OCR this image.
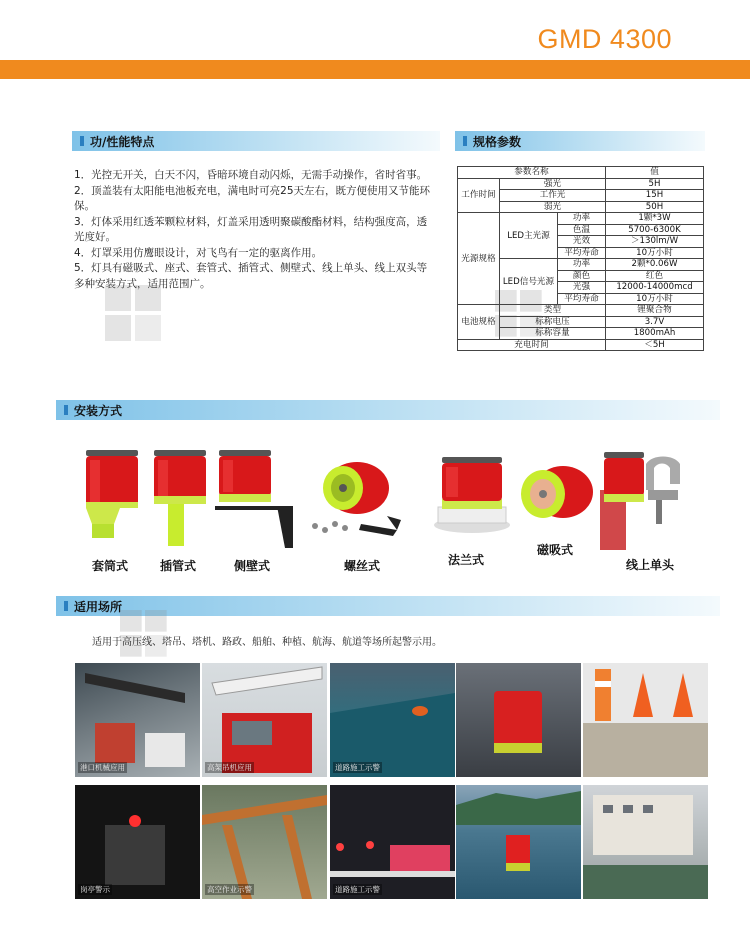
GMD 4300
功/性能特点
1．光控无开关，白天不闪，昏暗环境自动闪烁，无需手动操作，省时省事。
2．顶盖装有太阳能电池板充电，满电时可亮25天左右，既方便使用又节能环保。
3．灯体采用红透苯颗粒材料，灯盖采用透明聚碳酸酯材料，结构强度高，透光度好。
4．灯罩采用仿鹰眼设计，对飞鸟有一定的驱离作用。
5．灯具有磁吸式、座式、套管式、插管式、侧壁式、线上单头、线上双头等多种安装方式，适用范围广。
规格参数
参数名称			值
工作时间	强光		5H
	工作光		15H
	弱光		50H
光源规格	LED主光源	功率	1颗*3W
		色温	5700-6300K
		光效	＞130lm/W
		平均寿命	10万小时
	LED信号光源	功率	2颗*0.06W
		颜色	红色
		光强	12000-14000mcd
		平均寿命	10万小时
电池规格	类型		锂聚合物
	标称电压		3.7V
	标称容量		1800mAh
充电时间			＜5H
安装方式
套筒式	插管式	侧壁式	螺丝式	法兰式
磁吸式
线上单头
适用场所
适用于高压线、塔吊、塔机、路政、船舶、种植、航海、航道等场所起警示用。
港口机械应用	高架吊机应用	道路施工示警
岗亭警示	高空作业示警	道路施工示警
